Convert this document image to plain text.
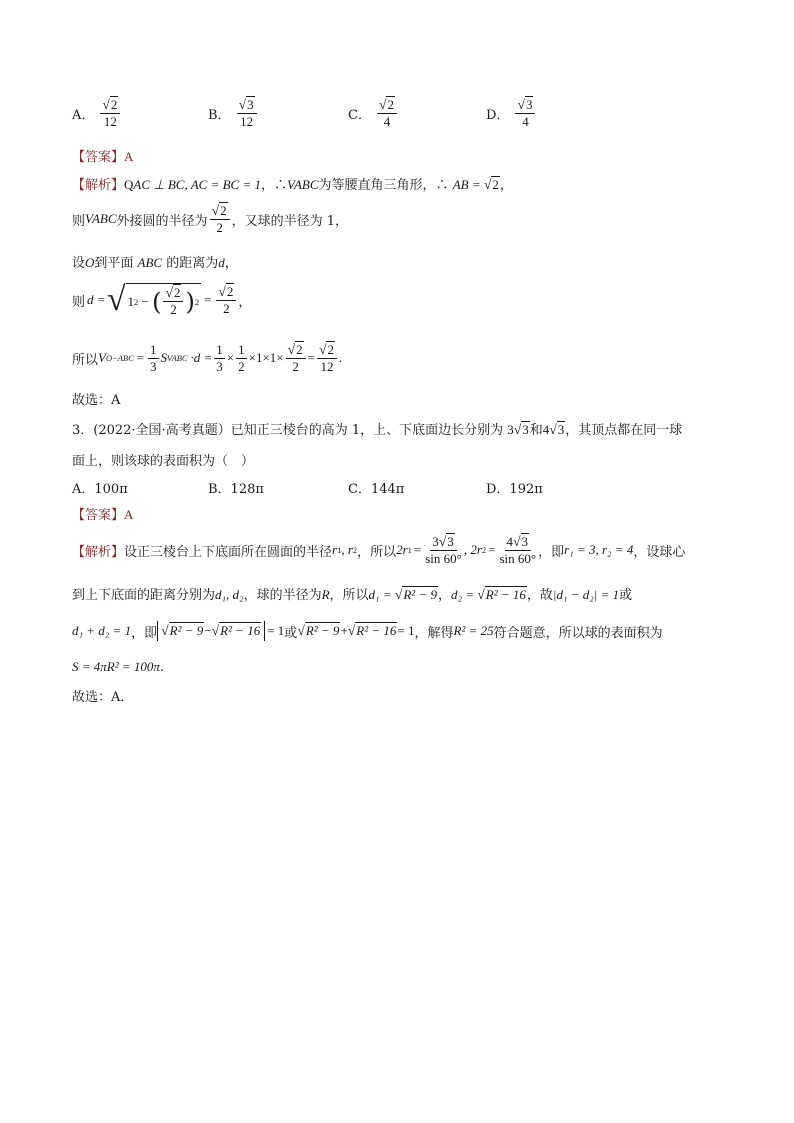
A． $\frac{√2}{12}$	B． $\frac{√3}{12}$	C． $\frac{√2}{4}$	D． $\frac{√3}{4}$
【答案】A
【解析】QAC ⊥ BC, AC = BC = 1，∴VABC为等腰直角三角形，∴ AB = √2，
则 VABC 外接圆的半径为 $\frac{√2}{2}$ ，又球的半径为 1，
设O到平面 ABC 的距离为d，
则 d = √ 1 2 − ( $\frac{√2}{2}$ ) $2 = \frac{√2}{2}$ ，
所以 V $O-ABC = \frac{1}{3}$ S VABC $\cdot d = \frac{1}{3} \times \frac{1}{2} \times 1\times 1\times \frac{√2}{2} = \frac{√2}{12}$ .
故选：A
3．(2022·全国·高考真题）已知正三棱台的高为 1，上、下底面边长分别为 3√3和4√3，其顶点都在同一球
面上，则该球的表面积为（　）
A．100π	B．128π	C．144π	D．192π
【答案】A
【解析】 设正三棱台上下底面所在圆面的半径 r 1 , r 2 ，所以 2r $1 = \frac{3√3}{\sin 60^\circ}$ , 2r $2 = \frac{4√3}{\sin 60^\circ}$ ，即 r₁ = 3, r₂ = 4 ，设球心
到上下底面的距离分别为d₁, d₂，球的半径为R，所以d₁ = √R² − 9，d₂ = √R² − 16，故|d₁ − d₂| = 1或
d₁ + d₂ = 1 ，即 √R² − 9 − √R² − 16 = 1 或 √R² − 9 + √R² − 16 = 1 ，解得 R² = 25 符合题意，所以球的表面积为
S = 4πR² = 100π.
故选：A．
